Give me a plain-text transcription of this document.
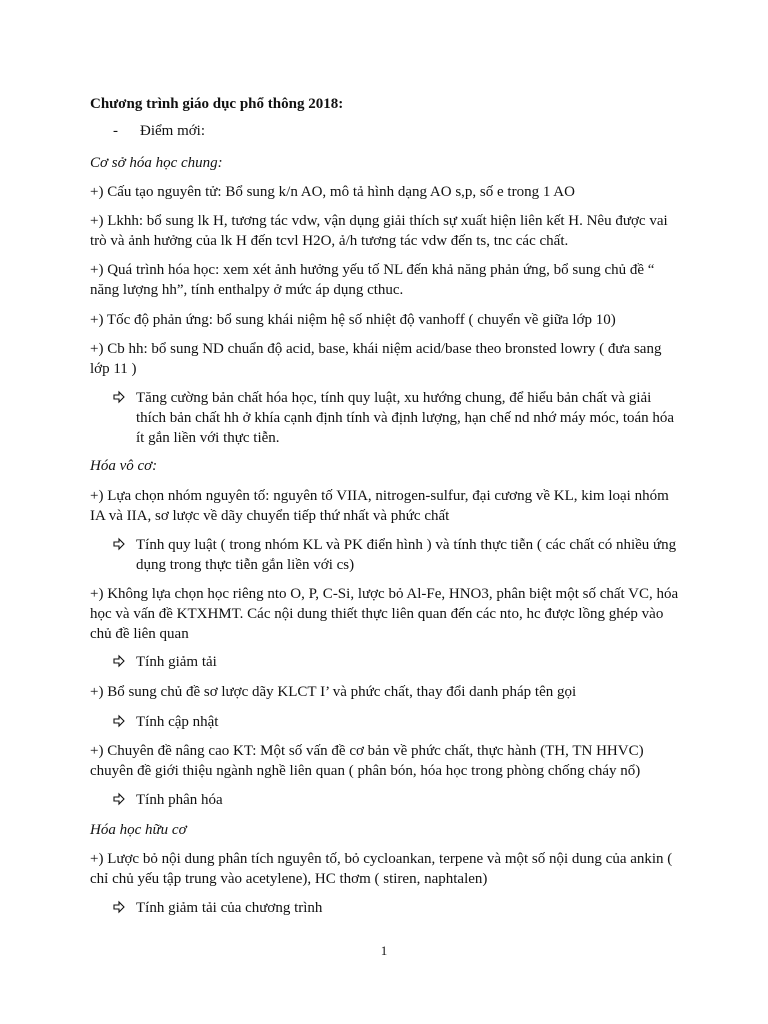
Chương trình giáo dục phổ thông 2018:
- Điểm mới:
Cơ sở hóa học chung:
+) Cấu tạo nguyên tử: Bổ sung k/n AO, mô tả hình dạng AO s,p, số e trong 1 AO
+) Lkhh: bổ sung lk H, tương tác vdw, vận dụng giải thích sự xuất hiện liên kết H. Nêu được vai trò và ảnh hưởng của lk H đến tcvl H2O, ả/h tương tác vdw đến ts, tnc các chất.
+) Quá trình hóa học: xem xét ảnh hưởng yếu tố NL đến khả năng phản ứng, bổ sung chủ đề “ năng lượng hh”, tính enthalpy ở mức áp dụng cthuc.
+) Tốc độ phản ứng: bổ sung khái niệm hệ số nhiệt độ vanhoff ( chuyển về giữa lớp 10)
+) Cb hh: bổ sung ND chuẩn độ acid, base, khái niệm acid/base theo bronsted lowry ( đưa sang lớp 11 )
Tăng cường bản chất hóa học, tính quy luật, xu hướng chung, để hiểu bản chất và giải thích bản chất hh ở khía cạnh định tính và định lượng, hạn chế nd nhớ máy móc, toán hóa ít gắn liền với thực tiễn.
Hóa vô cơ:
+) Lựa chọn nhóm nguyên tố: nguyên tố VIIA, nitrogen-sulfur, đại cương về KL, kim loại nhóm IA và IIA, sơ lược về dãy chuyển tiếp thứ nhất và phức chất
Tính quy luật ( trong nhóm KL và PK điển hình ) và tính thực tiễn ( các chất có nhiều ứng dụng trong thực tiễn gắn liền với cs)
+) Không lựa chọn học riêng nto O, P, C-Si, lược bỏ Al-Fe, HNO3, phân biệt một số chất VC, hóa học và vấn đề KTXHMT. Các nội dung thiết thực liên quan đến các nto, hc được lồng ghép vào chủ đề liên quan
Tính giảm tải
+) Bổ sung chủ đề sơ lược dãy KLCT I’ và phức chất, thay đổi danh pháp tên gọi
Tính cập nhật
+) Chuyên đề nâng cao KT: Một số vấn đề cơ bản về phức chất, thực hành (TH, TN HHVC) chuyên đề giới thiệu ngành nghề liên quan ( phân bón, hóa học trong phòng chống cháy nổ)
Tính phân hóa
Hóa học hữu cơ
+) Lược bỏ nội dung phân tích nguyên tố, bỏ cycloankan, terpene và một số nội dung của ankin ( chỉ chủ yếu tập trung vào acetylene), HC thơm ( stiren, naphtalen)
Tính giảm tải của chương trình
1
